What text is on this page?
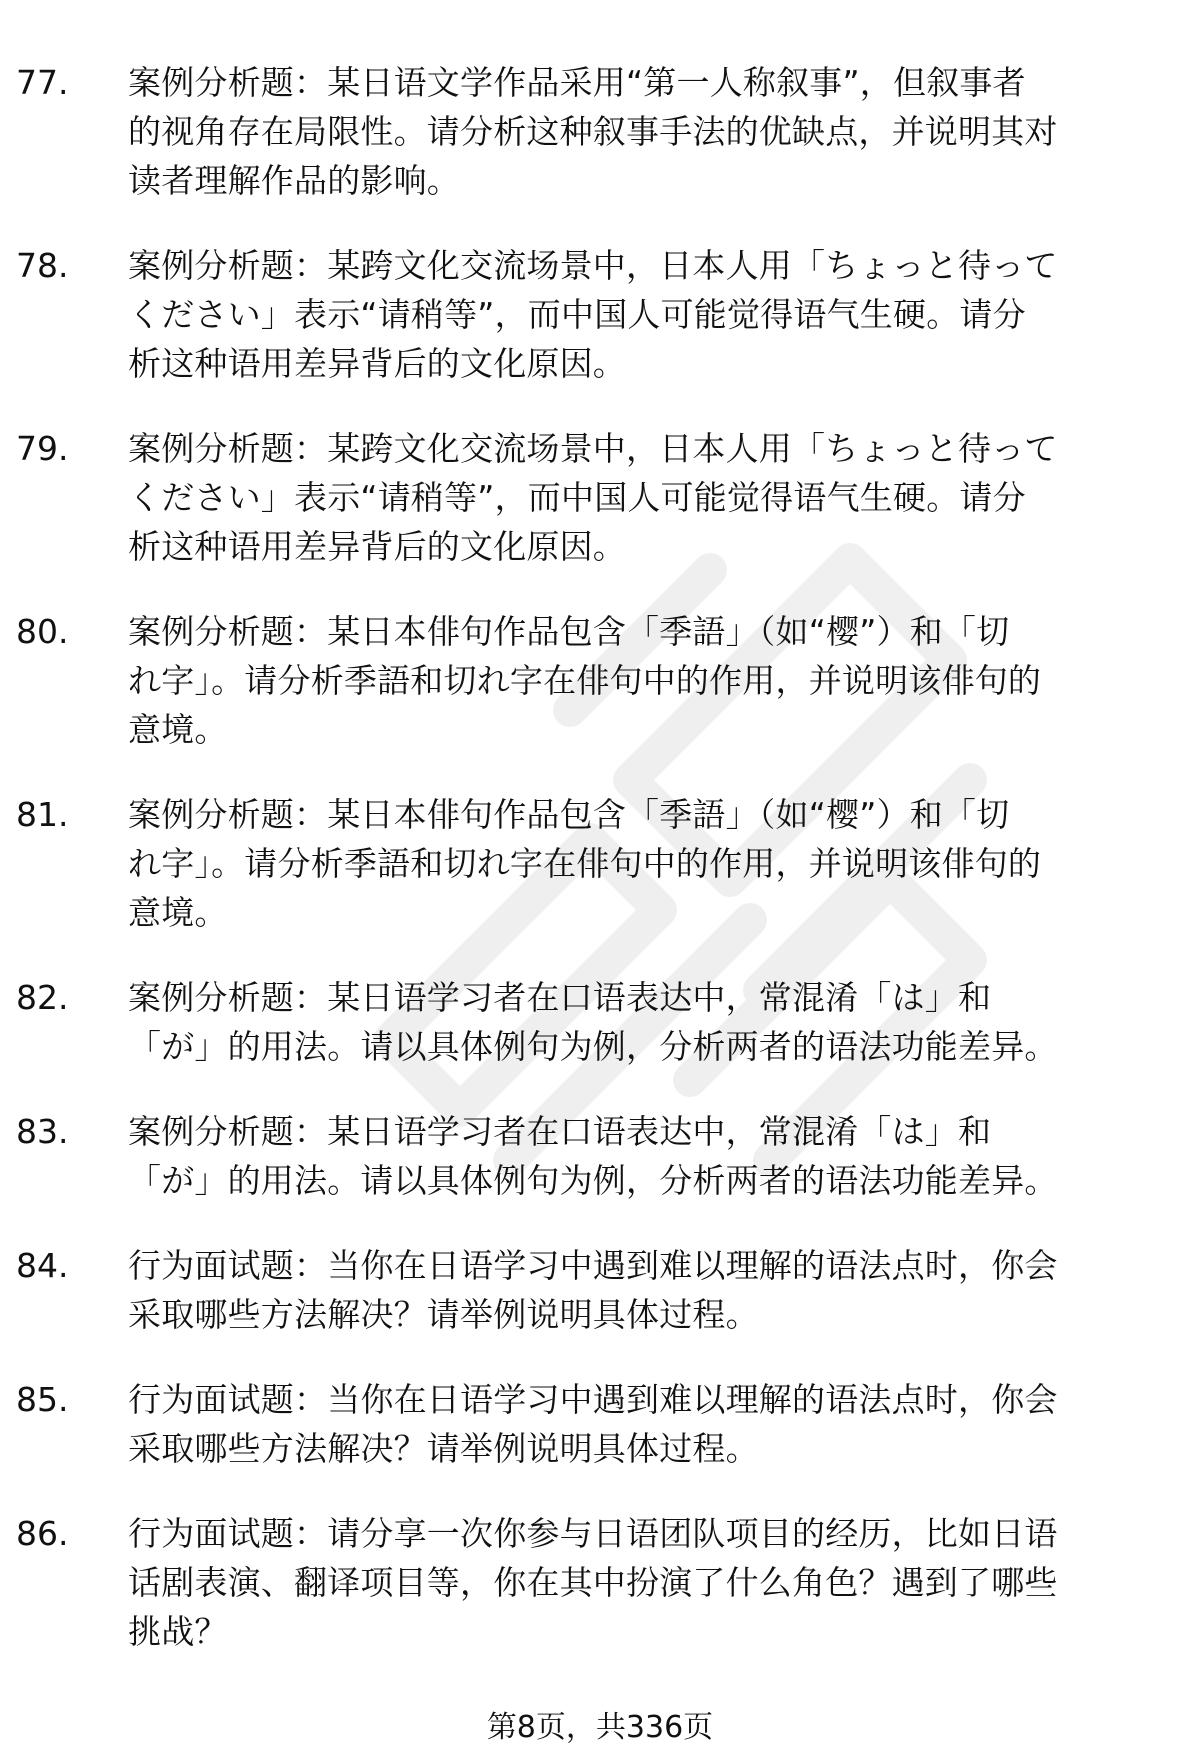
77.	案例分析题：某日语文学作品采用“第一人称叙事”，但叙事者
的视角存在局限性。请分析这种叙事手法的优缺点，并说明其对
读者理解作品的影响。
78.	案例分析题：某跨文化交流场景中，日本人用「ちょっと待って
ください」表示“请稍等”，而中国人可能觉得语气生硬。请分
析这种语用差异背后的文化原因。
79.	案例分析题：某跨文化交流场景中，日本人用「ちょっと待って
ください」表示“请稍等”，而中国人可能觉得语气生硬。请分
析这种语用差异背后的文化原因。
80.	案例分析题：某日本俳句作品包含「季語」（如“樱”）和「切
れ字」。请分析季語和切れ字在俳句中的作用，并说明该俳句的
意境。
81.	案例分析题：某日本俳句作品包含「季語」（如“樱”）和「切
れ字」。请分析季語和切れ字在俳句中的作用，并说明该俳句的
意境。
82.	案例分析题：某日语学习者在口语表达中，常混淆「は」和
「が」的用法。请以具体例句为例，分析两者的语法功能差异。
83.	案例分析题：某日语学习者在口语表达中，常混淆「は」和
「が」的用法。请以具体例句为例，分析两者的语法功能差异。
84.	行为面试题：当你在日语学习中遇到难以理解的语法点时，你会
采取哪些方法解决？请举例说明具体过程。
85.	行为面试题：当你在日语学习中遇到难以理解的语法点时，你会
采取哪些方法解决？请举例说明具体过程。
86.	行为面试题：请分享一次你参与日语团队项目的经历，比如日语
话剧表演、翻译项目等，你在其中扮演了什么角色？遇到了哪些
挑战？
第8页，共336页
